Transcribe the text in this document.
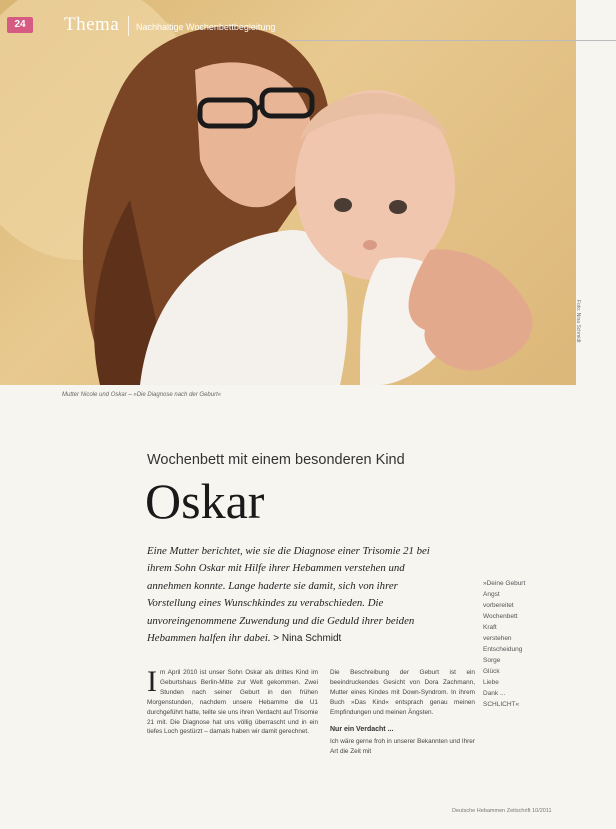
24	Thema Nachhaltige Wochenbettbegleitung
Foto: Nina Schmidt
Mutter Nicole und Oskar – »Die Diagnose nach der Geburt«
Wochenbett mit einem besonderen Kind
Oskar
Eine Mutter berichtet, wie sie die Diagnose einer Trisomie 21 bei ihrem Sohn Oskar mit Hilfe ihrer Hebammen verstehen und annehmen konnte. Lange haderte sie damit, sich von ihrer Vorstellung eines Wunschkindes zu verabschieden. Die unvoreingenommene Zuwendung und die Geduld ihrer beiden Hebammen halfen ihr dabei. > Nina Schmidt
»Deine Geburt
Angst
vorbereitet
Wochenbett
Kraft
verstehen
Entscheidung
Sorge
Glück
Liebe
Dank ...
SCHLICHT«
I m April 2010 ist unser Sohn Oskar als drittes Kind im Geburtshaus Berlin-Mitte zur Welt gekommen. Zwei Stunden nach seiner Geburt in den frühen Morgenstunden, nachdem unsere Hebamme die U1 durchgeführt hatte, teilte sie uns ihren Verdacht auf Trisomie 21 mit. Die Diagnose hat uns völlig überrascht und in ein tiefes Loch gestürzt – damals haben wir damit gerechnet.
Die Beschreibung der Geburt ist ein beeindruckendes Gesicht von Dora Zachmann, Mutter eines Kindes mit Down-Syndrom. In ihrem Buch »Das Kind« entsprach genau meinen Empfindungen und meinen Ängsten.
Nur ein Verdacht ...
Ich wäre gerne froh in unserer Bekannten und Ihrer Art die Zeit mit
Deutsche Hebammen Zeitschrift 10/2011
